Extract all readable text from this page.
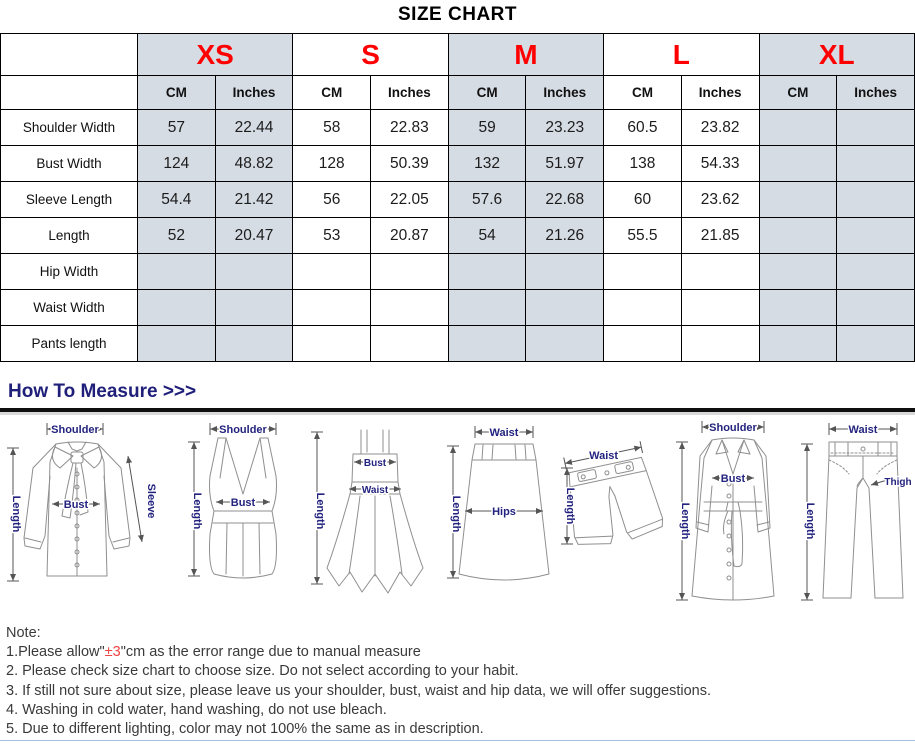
SIZE CHART
	XS		S		M		L		XL	
	CM	Inches	CM	Inches	CM	Inches	CM	Inches	CM	Inches
Shoulder Width	57	22.44	58	22.83	59	23.23	60.5	23.82		
Bust Width	124	48.82	128	50.39	132	51.97	138	54.33		
Sleeve Length	54.4	21.42	56	22.05	57.6	22.68	60	23.62		
Length	52	20.47	53	20.87	54	21.26	55.5	21.85		
Hip Width										
Waist Width										
Pants length										
How To Measure >>>
Shoulder
Length	Bust	Sleeve
Shoulder
Length	Bust
Bust
Waist
Length
Waist
Hips
Length
Waist
Length
Shoulder
Bust
Length
Waist
Thigh
Length
Note:
1.Please allow"±3"cm as the error range due to manual measure
2. Please check size chart to choose size. Do not select according to your habit.
3. If still not sure about size, please leave us your shoulder, bust, waist and hip data, we will offer suggestions.
4. Washing in cold water, hand washing, do not use bleach.
5. Due to different lighting, color may not 100% the same as in description.
